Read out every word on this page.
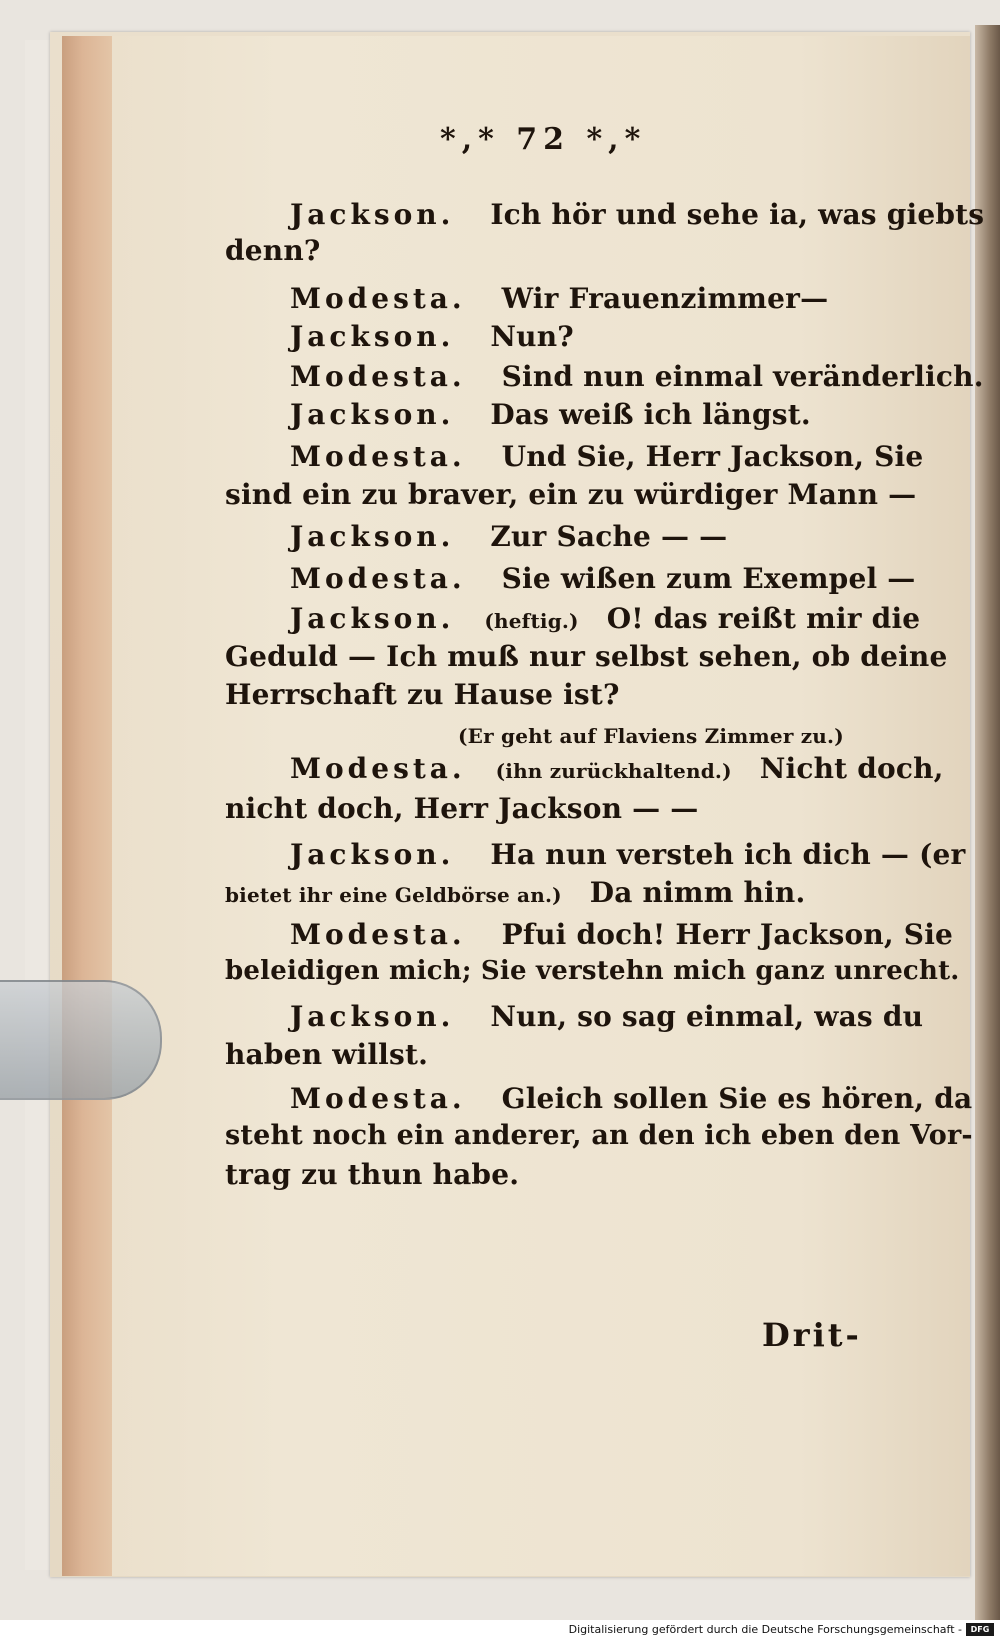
*,* 72 *,*
Jackson. Ich hör und sehe ia, was giebts
denn?
Modesta. Wir Frauenzimmer—
Jackson. Nun?
Modesta. Sind nun einmal veränderlich.
Jackson. Das weiß ich längst.
Modesta. Und Sie, Herr Jackson, Sie
sind ein zu braver, ein zu würdiger Mann —
Jackson. Zur Sache — —
Modesta. Sie wißen zum Exempel —
Jackson. (heftig.) O! das reißt mir die
Geduld — Ich muß nur selbst sehen, ob deine
Herrschaft zu Hause ist?
(Er geht auf Flaviens Zimmer zu.)
Modesta. (ihn zurückhaltend.) Nicht doch,
nicht doch, Herr Jackson — —
Jackson. Ha nun versteh ich dich — (er
bietet ihr eine Geldbörse an.) Da nimm hin.
Modesta. Pfui doch! Herr Jackson, Sie
beleidigen mich; Sie verstehn mich ganz unrecht.
Jackson. Nun, so sag einmal, was du
haben willst.
Modesta. Gleich sollen Sie es hören, da
steht noch ein anderer, an den ich eben den Vor-
trag zu thun habe.
Drit-
Digitalisierung gefördert durch die Deutsche Forschungsgemeinschaft -	DFG
